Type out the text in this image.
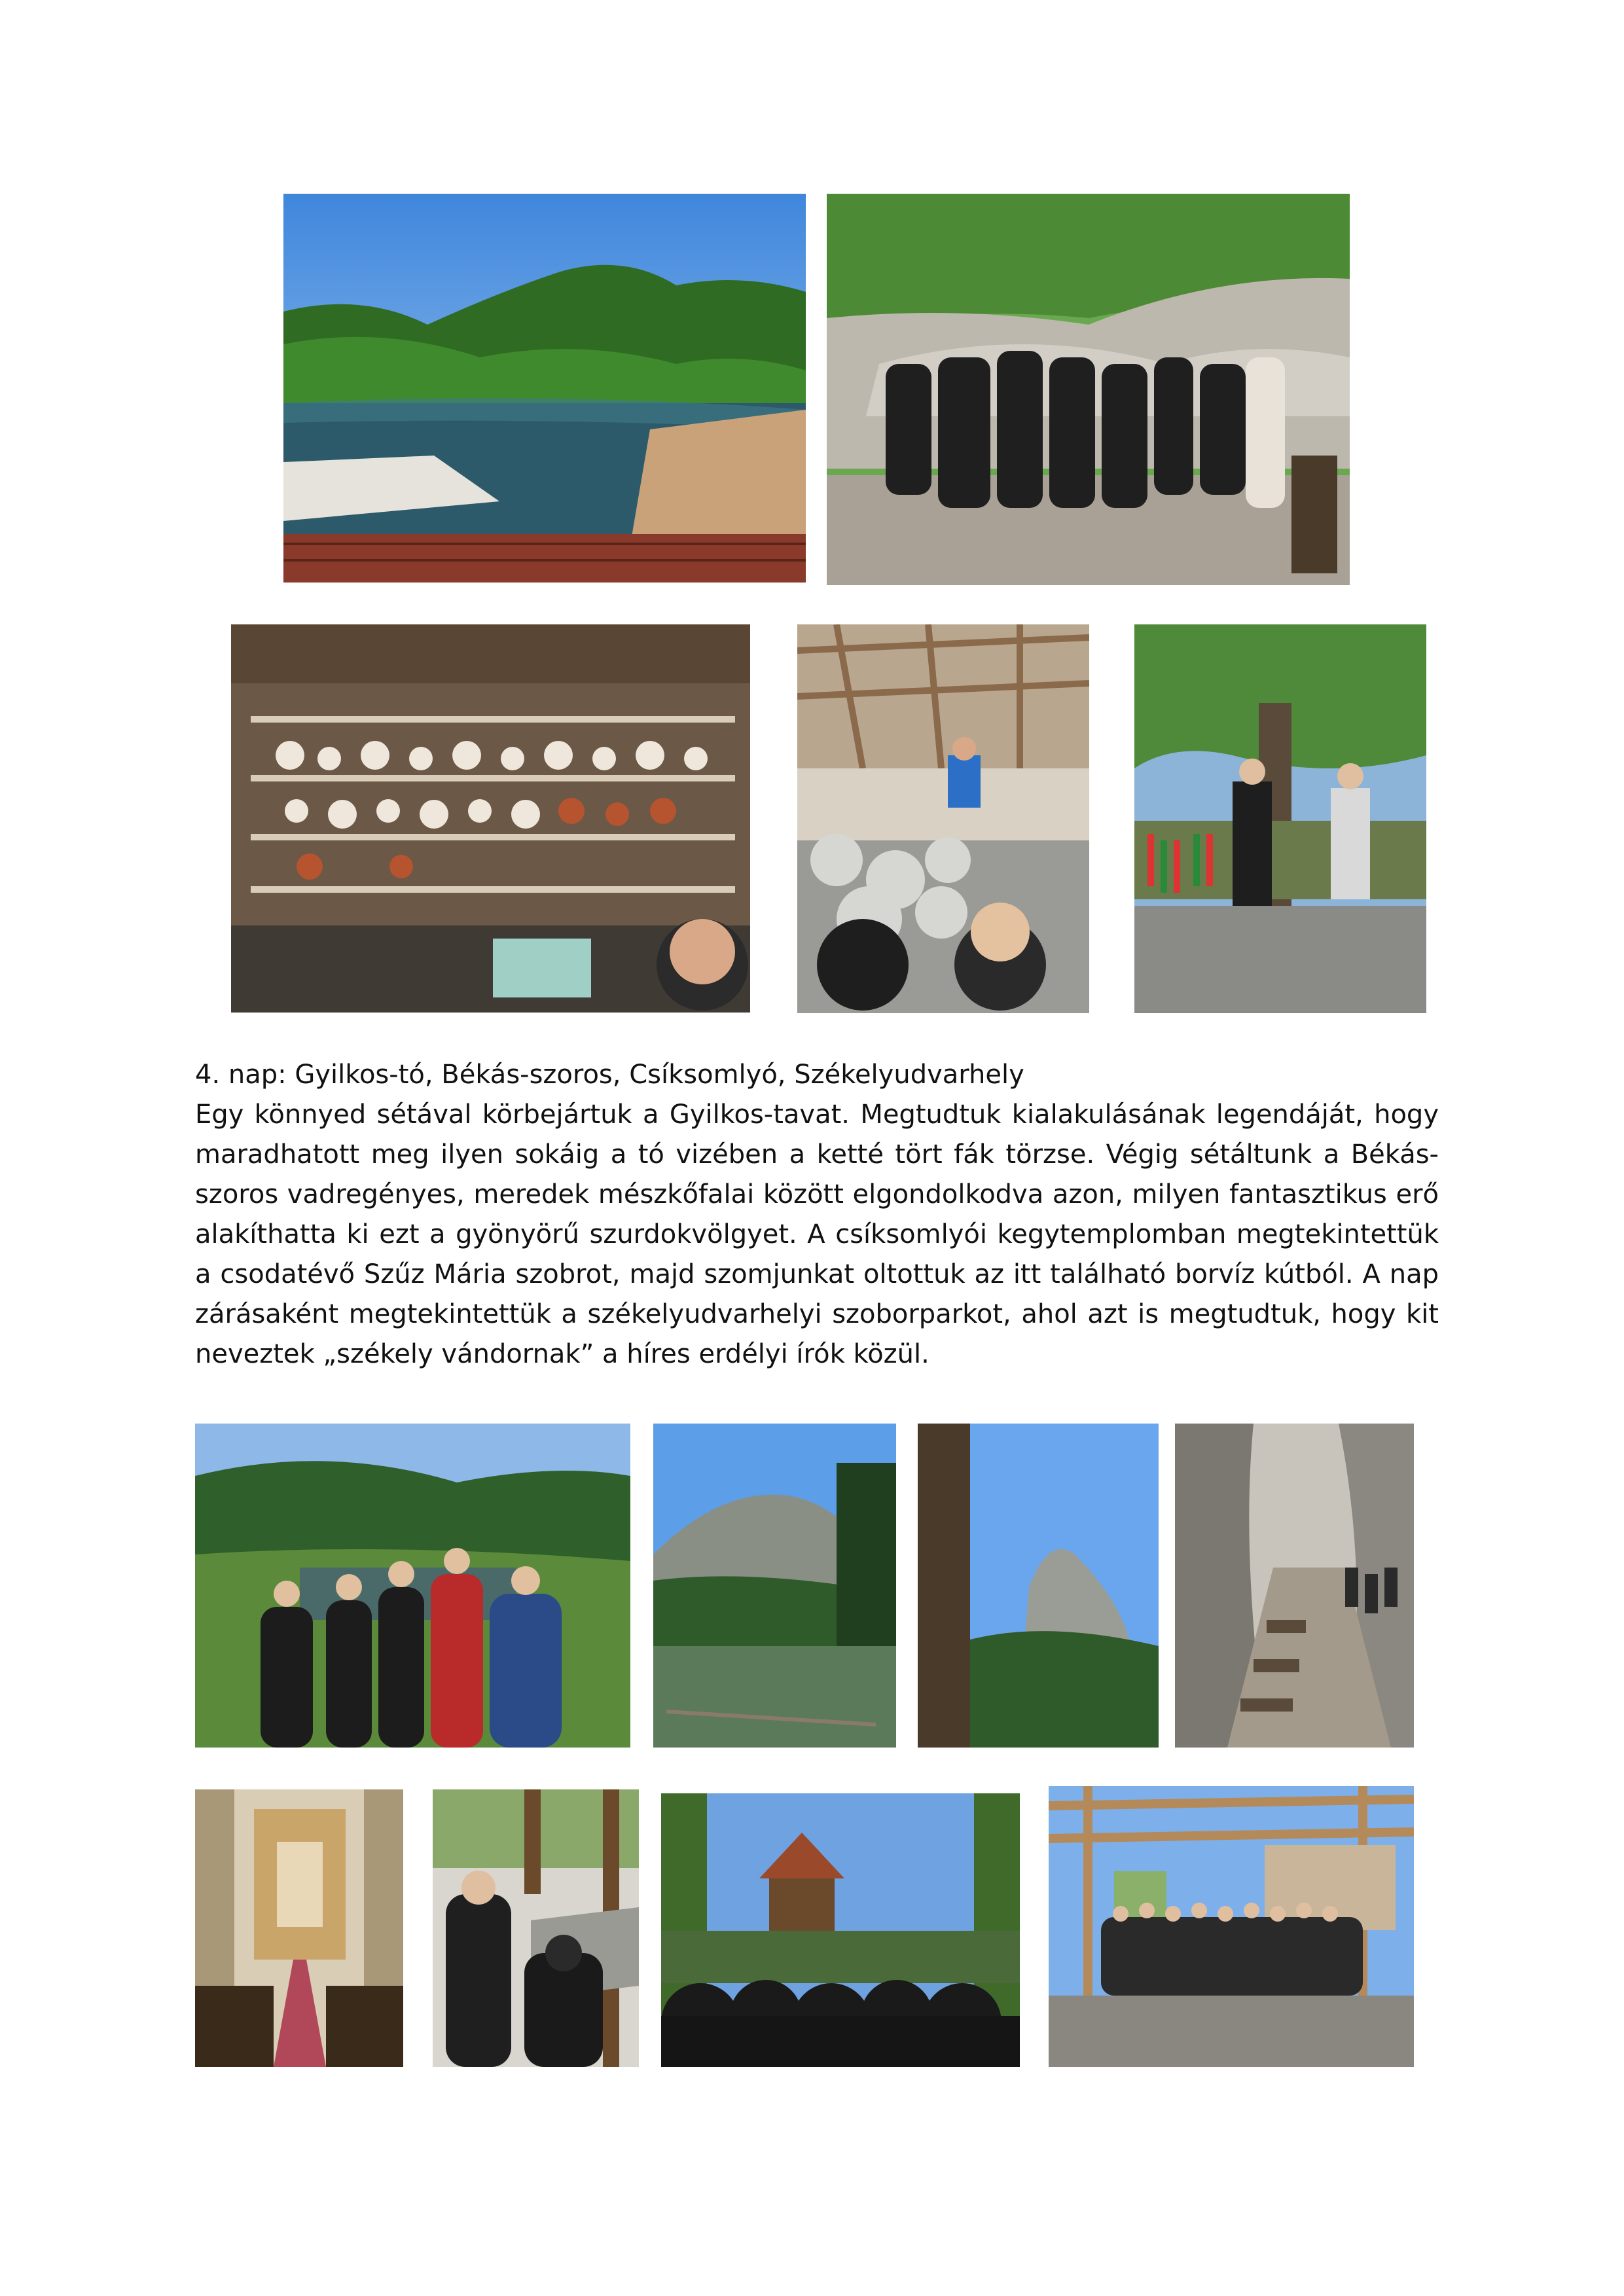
4. nap: Gyilkos-tó, Békás-szoros, Csíksomlyó, Székelyudvarhely

Egy könnyed sétával körbejártuk a Gyilkos-tavat. Megtudtuk kialakulásának legendáját, hogy maradhatott meg ilyen sokáig a tó vizében a ketté tört fák törzse. Végig sétáltunk a Békás-szoros vadregényes, meredek mészkőfalai között elgondolkodva azon, milyen fantasztikus erő alakíthatta ki ezt a gyönyörű szurdokvölgyet. A csíksomlyói kegytemplomban megtekintettük a csodatévő Szűz Mária szobrot, majd szomjunkat oltottuk az itt található borvíz kútból. A nap zárásaként megtekintettük a székelyudvarhelyi szoborparkot, ahol azt is megtudtuk, hogy kit neveztek „székely vándornak” a híres erdélyi írók közül.
